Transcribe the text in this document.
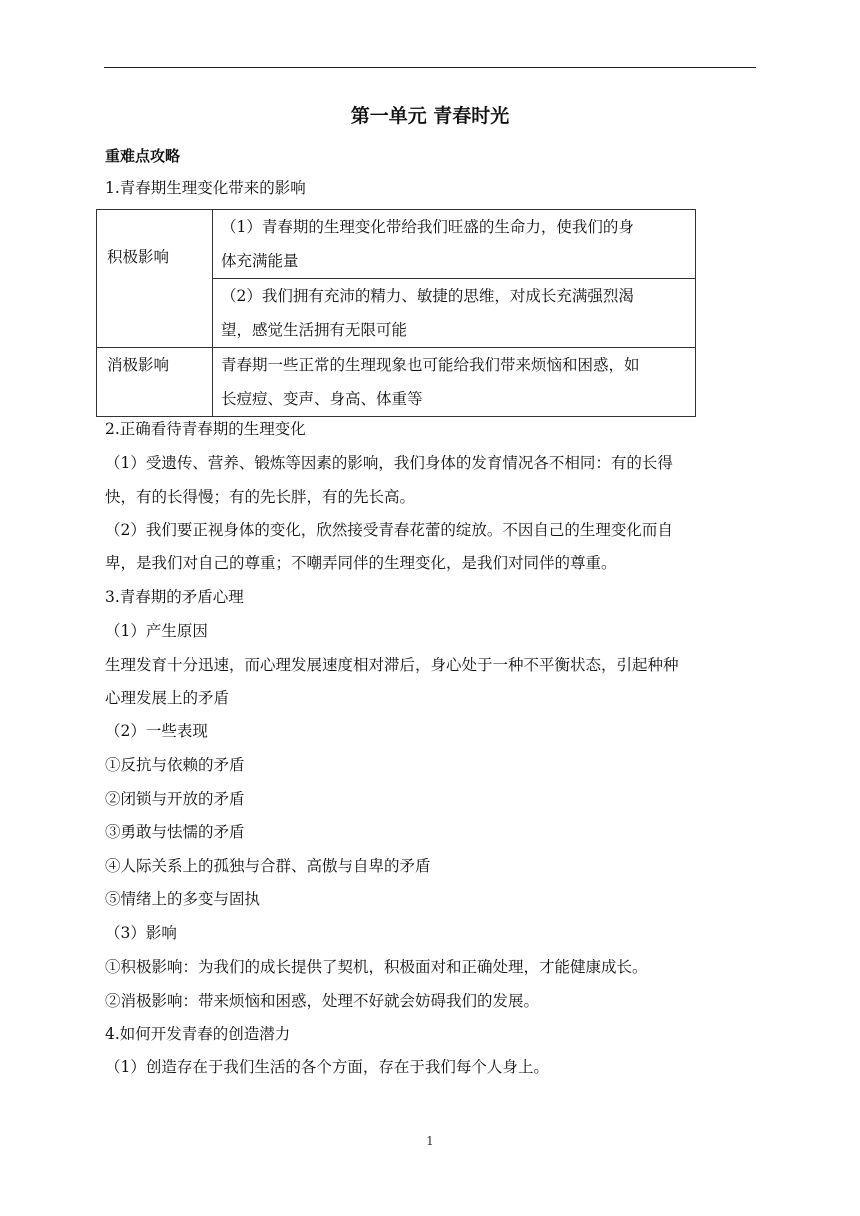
第一单元 青春时光
重难点攻略
1.青春期生理变化带来的影响
积极影响	（1）青春期的生理变化带给我们旺盛的生命力，使我们的身
体充满能量

	（2）我们拥有充沛的精力、敏捷的思维，对成长充满强烈渴
望，感觉生活拥有无限可能

消极影响	青春期一些正常的生理现象也可能给我们带来烦恼和困惑，如
长痘痘、变声、身高、体重等
2.正确看待青春期的生理变化
（1）受遗传、营养、锻炼等因素的影响，我们身体的发育情况各不相同：有的长得
快，有的长得慢；有的先长胖，有的先长高。
（2）我们要正视身体的变化，欣然接受青春花蕾的绽放。不因自己的生理变化而自
卑，是我们对自己的尊重；不嘲弄同伴的生理变化，是我们对同伴的尊重。
3.青春期的矛盾心理
（1）产生原因
生理发育十分迅速，而心理发展速度相对滞后，身心处于一种不平衡状态，引起种种
心理发展上的矛盾
（2）一些表现
①反抗与依赖的矛盾
②闭锁与开放的矛盾
③勇敢与怯懦的矛盾
④人际关系上的孤独与合群、高傲与自卑的矛盾
⑤情绪上的多变与固执
（3）影响
①积极影响：为我们的成长提供了契机，积极面对和正确处理，才能健康成长。
②消极影响：带来烦恼和困惑，处理不好就会妨碍我们的发展。
4.如何开发青春的创造潜力
（1）创造存在于我们生活的各个方面，存在于我们每个人身上。
1
